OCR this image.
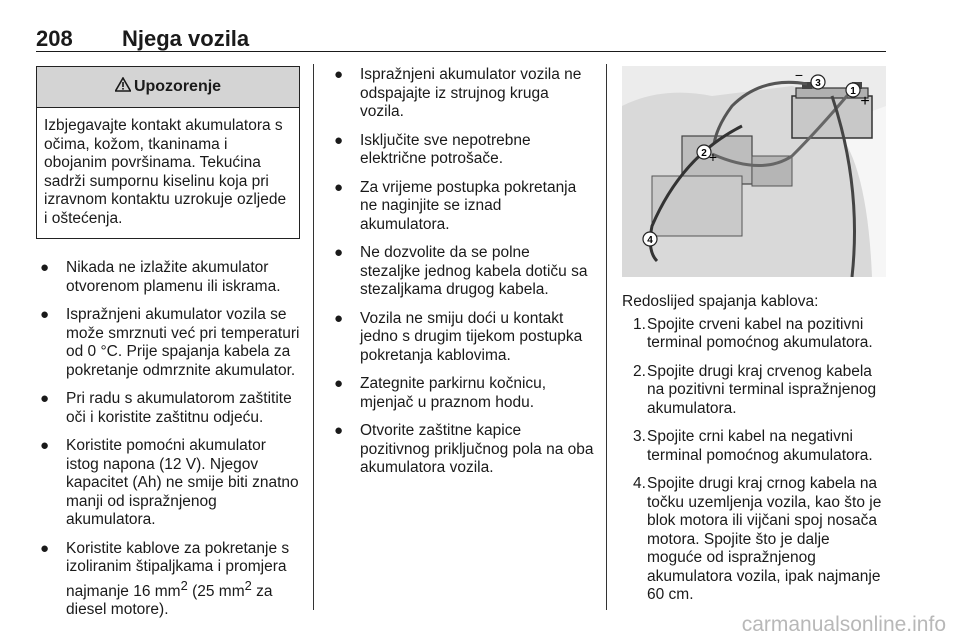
208 Njega vozila
Upozorenje
Izbjegavajte kontakt akumulatora s očima, kožom, tkaninama i obojanim površinama. Tekućina sadrži sumpornu kiselinu koja pri izravnom kontaktu uzrokuje ozljede i oštećenja.
● Nikada ne izlažite akumulator otvorenom plamenu ili iskrama.
● Ispražnjeni akumulator vozila se može smrznuti već pri temperaturi od 0 °C. Prije spajanja kabela za pokretanje odmrznite akumulator.
● Pri radu s akumulatorom zaštitite oči i koristite zaštitnu odjeću.
● Koristite pomoćni akumulator istog napona (12 V). Njegov kapacitet (Ah) ne smije biti znatno manji od ispražnjenog akumulatora.
● Koristite kablove za pokretanje s izoliranim štipaljkama i promjera najmanje 16 $mm^2$ (25 $mm^2$ za diesel motore).
● Ispražnjeni akumulator vozila ne odspajajte iz strujnog kruga vozila.
● Isključite sve nepotrebne električne potrošače.
● Za vrijeme postupka pokretanja ne naginjite se iznad akumulatora.
● Ne dozvolite da se polne stezaljke jednog kabela dotiču sa stezaljkama drugog kabela.
● Vozila ne smiju doći u kontakt jedno s drugim tijekom postupka pokretanja kablovima.
● Zategnite parkirnu kočnicu, mjenjač u praznom hodu.
● Otvorite zaštitne kapice pozitivnog priključnog pola na oba akumulatora vozila.
1
+
2 +
3
−
4
Redoslijed spajanja kablova:
1. Spojite crveni kabel na pozitivni terminal pomoćnog akumulatora.
2. Spojite drugi kraj crvenog kabela na pozitivni terminal ispražnjenog akumulatora.
3. Spojite crni kabel na negativni terminal pomoćnog akumulatora.
4. Spojite drugi kraj crnog kabela na točku uzemljenja vozila, kao što je blok motora ili vijčani spoj nosača motora. Spojite što je dalje moguće od ispražnjenog akumulatora vozila, ipak najmanje 60 cm.
carmanualsonline.info
